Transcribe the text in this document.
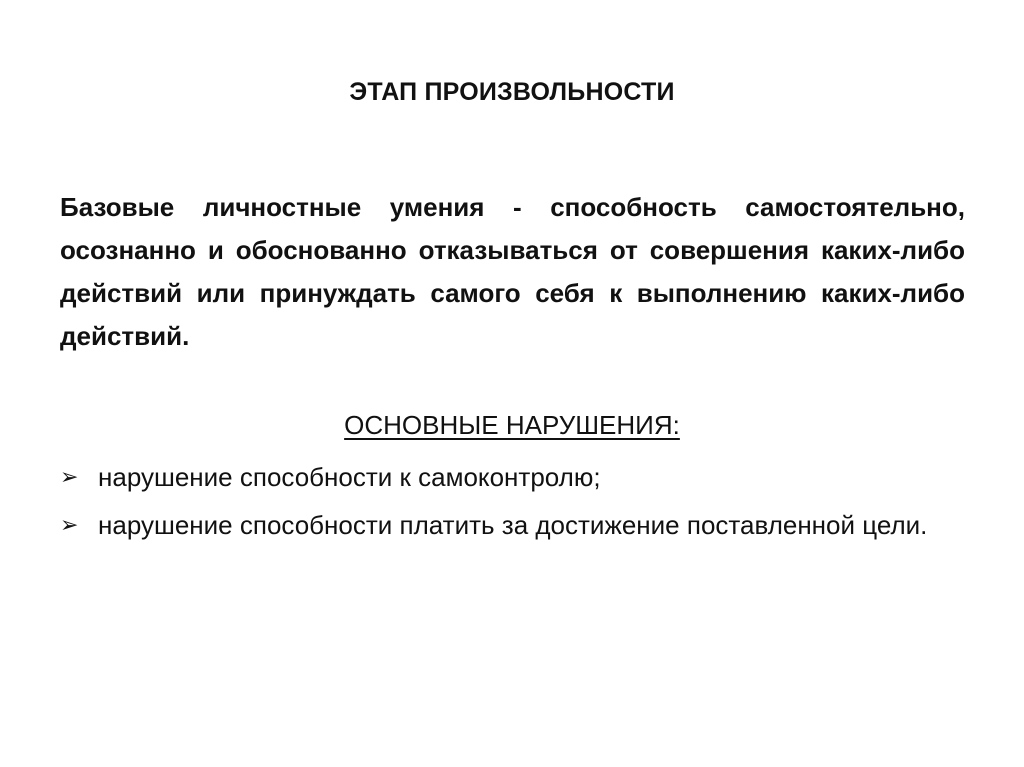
ЭТАП ПРОИЗВОЛЬНОСТИ
Базовые личностные умения - способность самостоятельно, осознанно и обоснованно отказываться от совершения каких-либо действий или принуждать самого себя к выполнению каких-либо действий.
ОСНОВНЫЕ НАРУШЕНИЯ:
➢ нарушение способности к самоконтролю;
➢ нарушение способности платить за достижение поставленной цели.
